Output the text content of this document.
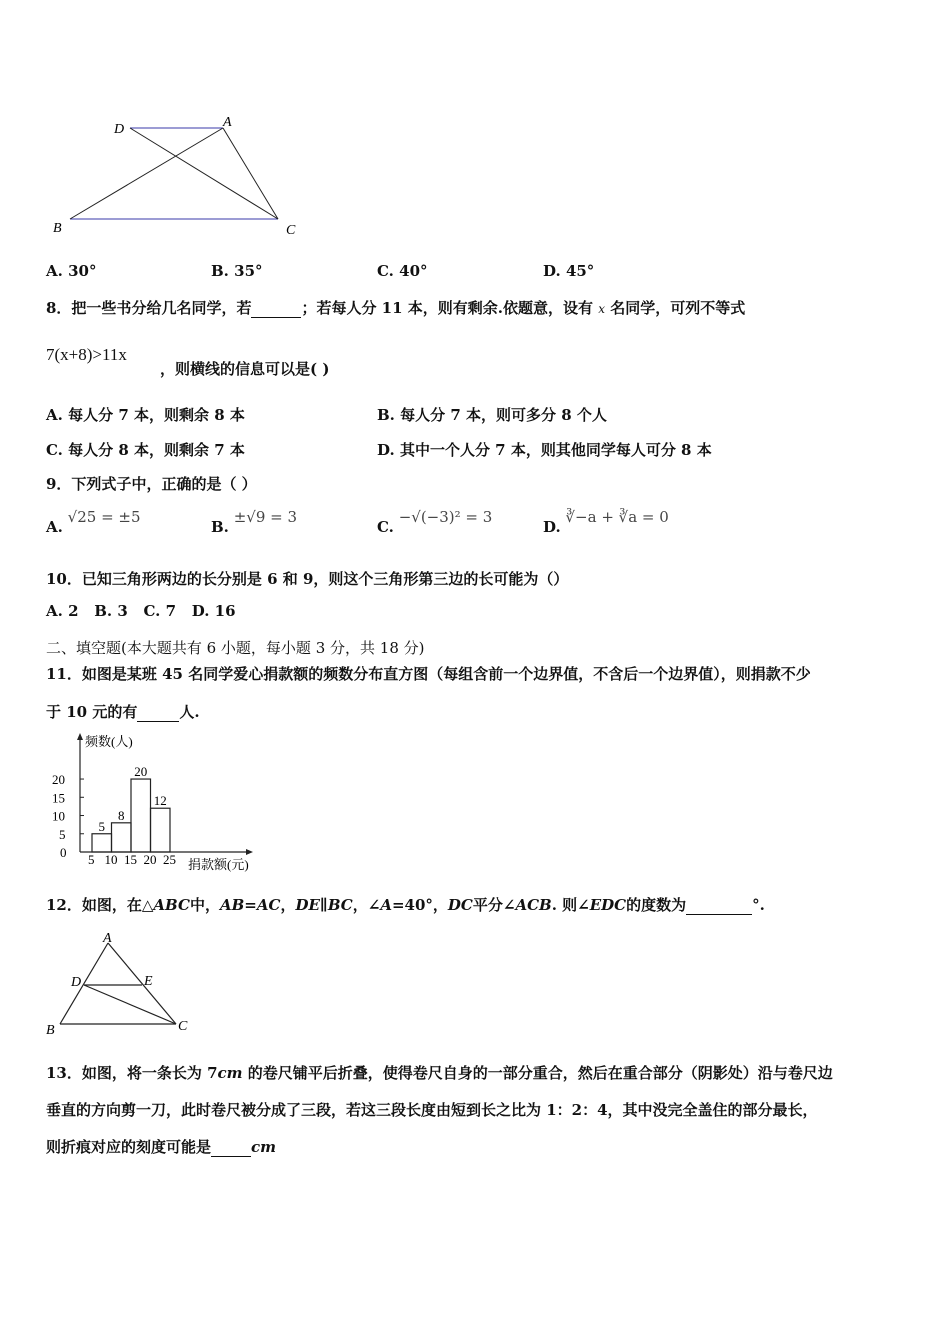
D	A
B	C
A. 30°	B. 35°	C. 40°	D. 45°
8．把一些书分给几名同学，若	；若每人分 11 本，则有剩余.依题意，设有 x 名同学，可列不等式
7(x+8)>11x
，则横线的信息可以是( )
A. 每人分 7 本，则剩余 8 本	B. 每人分 7 本，则可多分 8 个人
C. 每人分 8 本，则剩余 7 本	D. 其中一个人分 7 本，则其他同学每人可分 8 本
9．下列式子中，正确的是（ ）
A. √25 = ±5
B. ±√9 = 3
C. −√(−3)² = 3
D. ∛−a + ∛a = 0
10．已知三角形两边的长分别是 6 和 9，则这个三角形第三边的长可能为（）
A. 2 B. 3 C. 7 D. 16
二、填空题(本大题共有 6 小题，每小题 3 分，共 18 分)
11．如图是某班 45 名同学爱心捐款额的频数分布直方图（每组含前一个边界值，不含后一个边界值），则捐款不少
于 10 元的有	人.
频数(人)
捐款额(元)
0
5
10
15
20
5 10 15 20 25
5
8
20
12
12．如图，在△ABC中，AB=AC，DE∥BC，∠A=40°，DC平分∠ACB. 则∠EDC的度数为	°.
A
D	E
B	C
13．如图，将一条长为 7cm 的卷尺铺平后折叠，使得卷尺自身的一部分重合，然后在重合部分（阴影处）沿与卷尺边
垂直的方向剪一刀，此时卷尺被分成了三段，若这三段长度由短到长之比为 1：2：4，其中没完全盖住的部分最长，
则折痕对应的刻度可能是	cm
